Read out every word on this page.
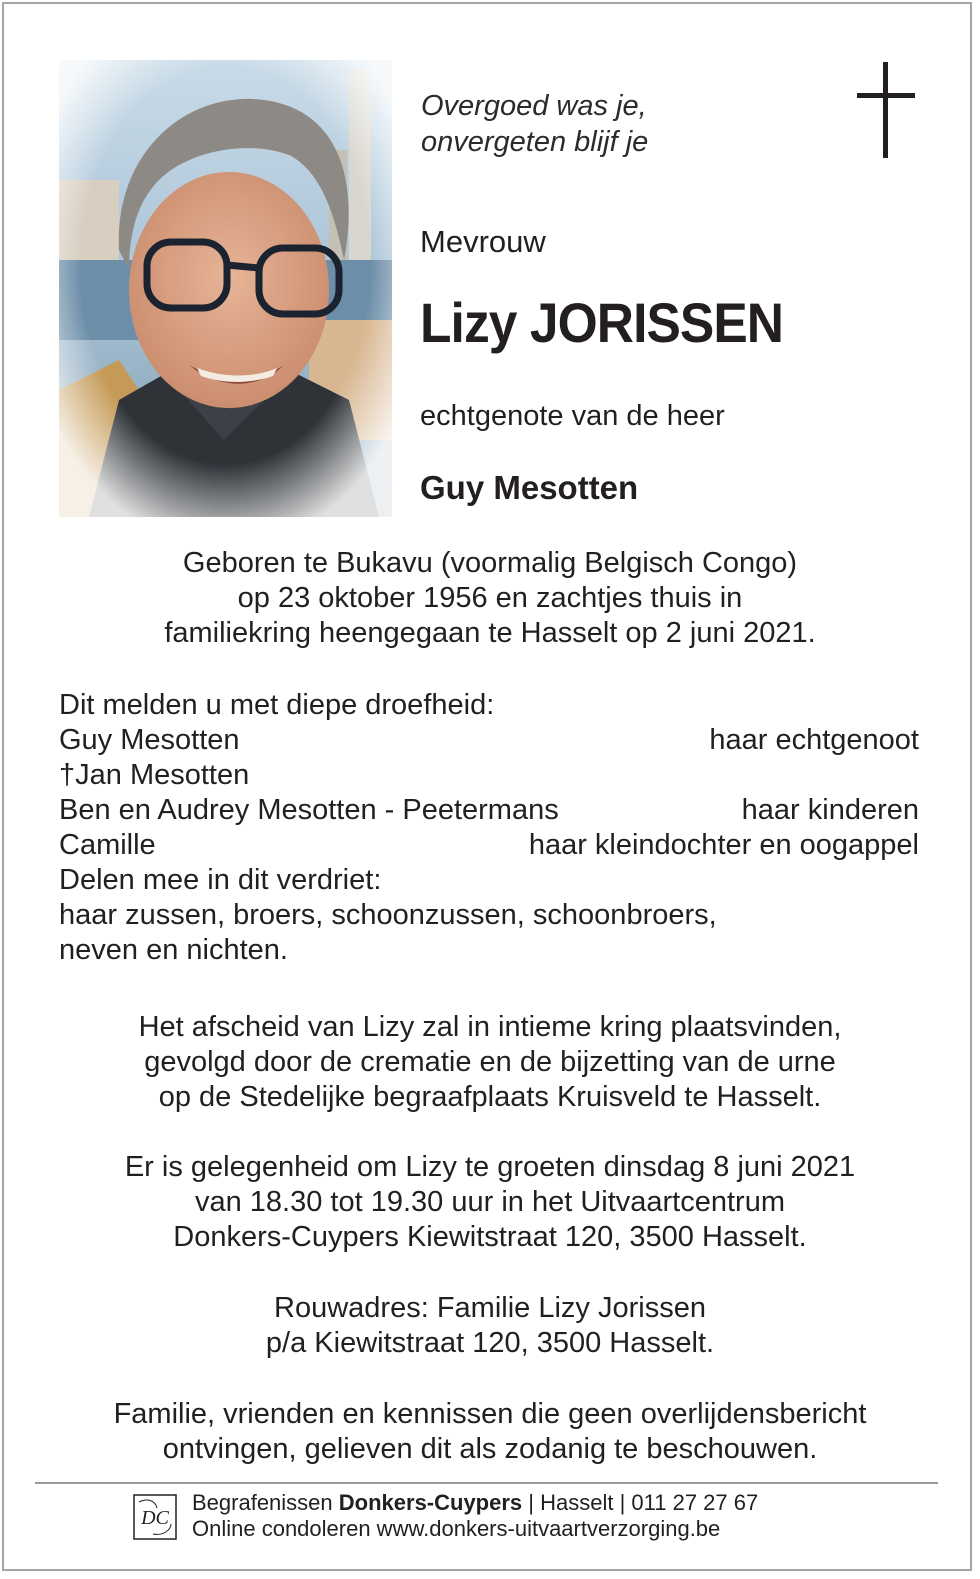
Overgoed was je,
onvergeten blijf je
Mevrouw
Lizy JORISSEN
echtgenote van de heer
Guy Mesotten
Geboren te Bukavu (voormalig Belgisch Congo)
op 23 oktober 1956 en zachtjes thuis in
familiekring heengegaan te Hasselt op 2 juni 2021.
Dit melden u met diepe droefheid:
Guy Mesotten	haar echtgenoot
†Jan Mesotten
Ben en Audrey Mesotten - Peetermans	haar kinderen
Camille	haar kleindochter en oogappel
Delen mee in dit verdriet:
haar zussen, broers, schoonzussen, schoonbroers,
neven en nichten.
Het afscheid van Lizy zal in intieme kring plaatsvinden,
gevolgd door de crematie en de bijzetting van de urne
op de Stedelijke begraafplaats Kruisveld te Hasselt.
Er is gelegenheid om Lizy te groeten dinsdag 8 juni 2021
van 18.30 tot 19.30 uur in het Uitvaartcentrum
Donkers-Cuypers Kiewitstraat 120, 3500 Hasselt.
Rouwadres: Familie Lizy Jorissen
p/a Kiewitstraat 120, 3500 Hasselt.
Familie, vrienden en kennissen die geen overlijdensbericht
ontvingen, gelieven dit als zodanig te beschouwen.
DC
Begrafenissen Donkers-Cuypers | Hasselt | 011 27 27 67
Online condoleren www.donkers-uitvaartverzorging.be
